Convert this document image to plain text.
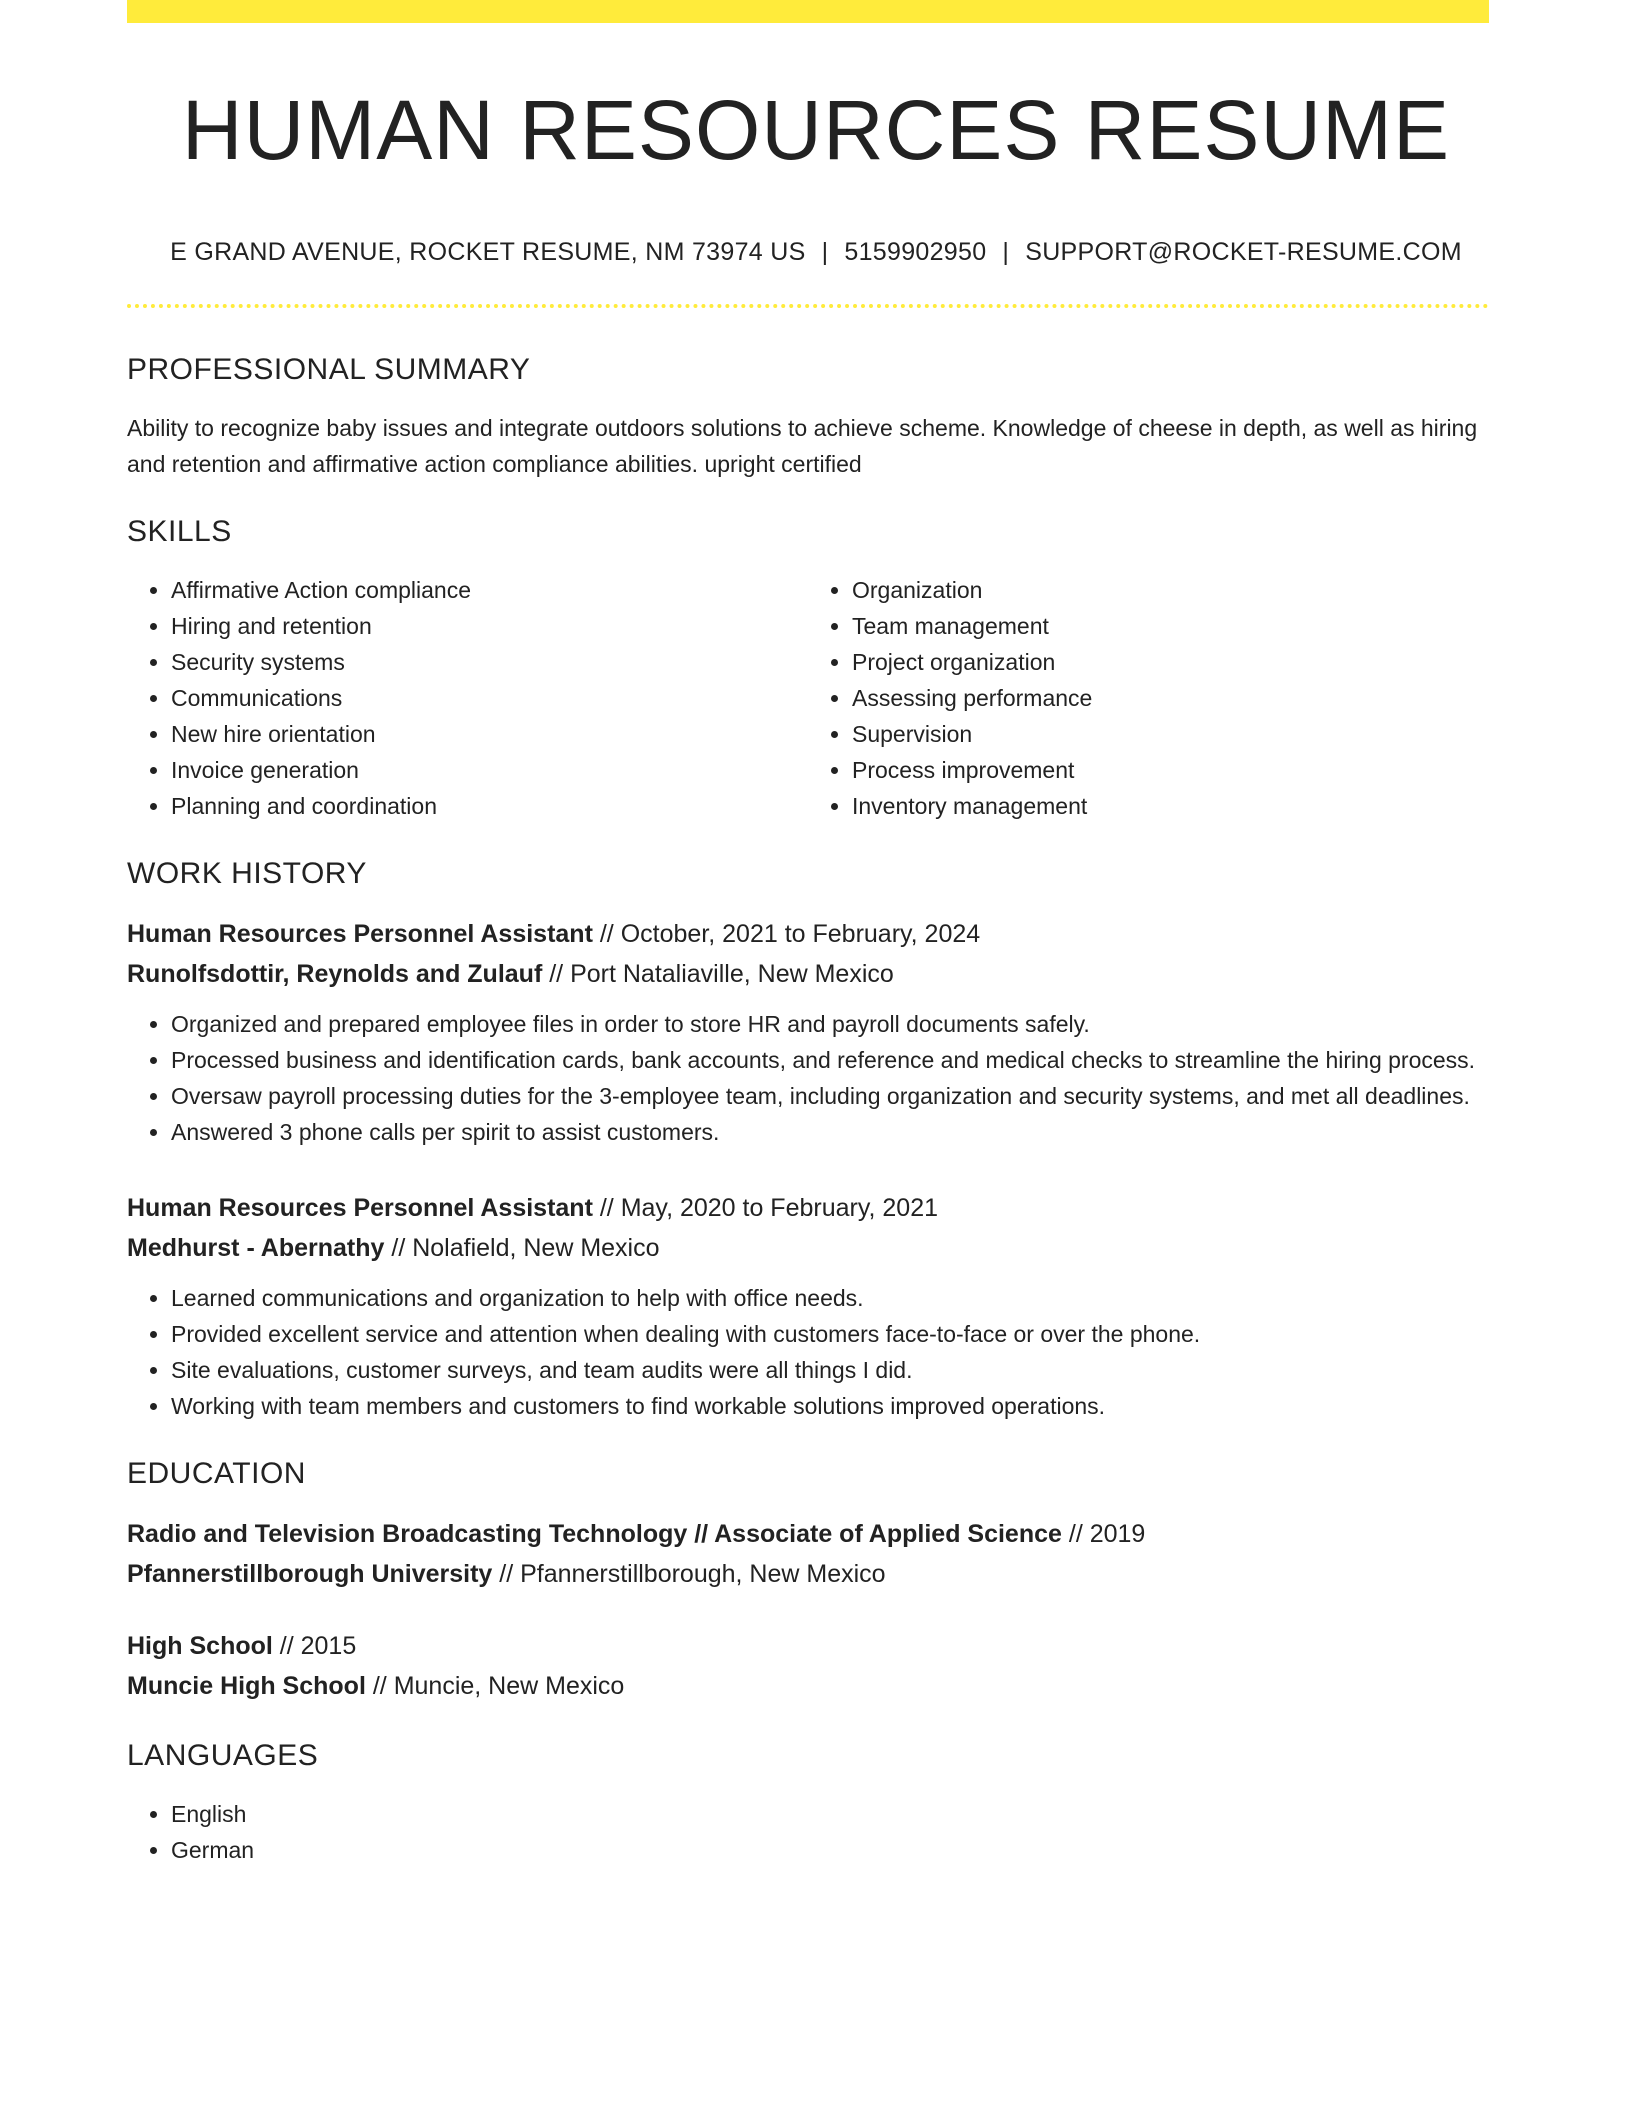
HUMAN RESOURCES RESUME
E GRAND AVENUE, ROCKET RESUME, NM 73974 US | 5159902950 | SUPPORT@ROCKET-RESUME.COM
PROFESSIONAL SUMMARY

Ability to recognize baby issues and integrate outdoors solutions to achieve scheme. Knowledge of cheese in depth, as well as hiring and retention and affirmative action compliance abilities. upright certified

SKILLS
• Affirmative Action compliance
• Hiring and retention
• Security systems
• Communications
• New hire orientation
• Invoice generation
• Planning and coordination
• Organization
• Team management
• Project organization
• Assessing performance
• Supervision
• Process improvement
• Inventory management
WORK HISTORY
Human Resources Personnel Assistant // October, 2021 to February, 2024
Runolfsdottir, Reynolds and Zulauf // Port Nataliaville, New Mexico
• Organized and prepared employee files in order to store HR and payroll documents safely.
• Processed business and identification cards, bank accounts, and reference and medical checks to streamline the hiring process.
• Oversaw payroll processing duties for the 3-employee team, including organization and security systems, and met all deadlines.
• Answered 3 phone calls per spirit to assist customers.
Human Resources Personnel Assistant // May, 2020 to February, 2021
Medhurst - Abernathy // Nolafield, New Mexico
• Learned communications and organization to help with office needs.
• Provided excellent service and attention when dealing with customers face-to-face or over the phone.
• Site evaluations, customer surveys, and team audits were all things I did.
• Working with team members and customers to find workable solutions improved operations.
EDUCATION
Radio and Television Broadcasting Technology // Associate of Applied Science // 2019
Pfannerstillborough University // Pfannerstillborough, New Mexico
High School // 2015
Muncie High School // Muncie, New Mexico
LANGUAGES
• English
• German
